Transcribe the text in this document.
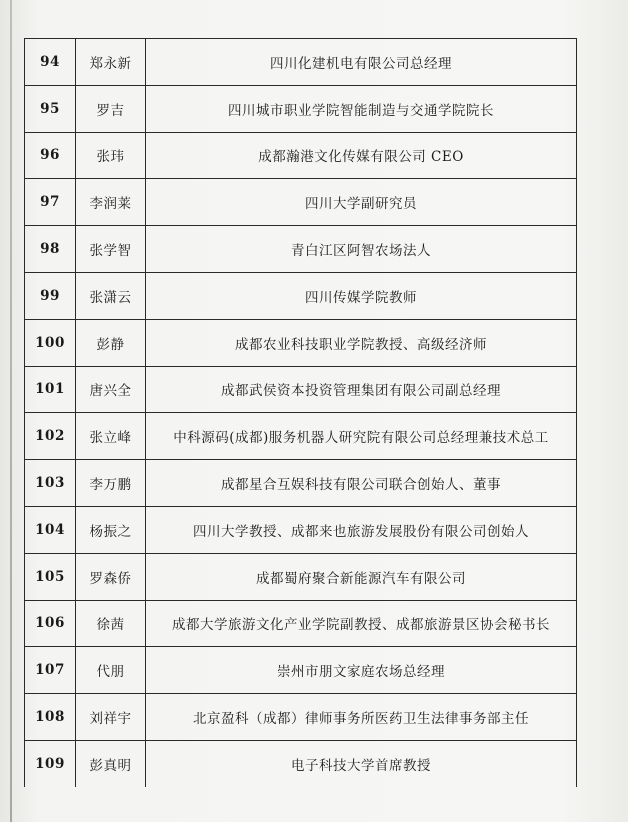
94	郑永新	四川化建机电有限公司总经理
95	罗吉	四川城市职业学院智能制造与交通学院院长
96	张玮	成都瀚港文化传媒有限公司 CEO
97	李润莱	四川大学副研究员
98	张学智	青白江区阿智农场法人
99	张潇云	四川传媒学院教师
100	彭静	成都农业科技职业学院教授、高级经济师
101	唐兴全	成都武侯资本投资管理集团有限公司副总经理
102	张立峰	中科源码(成都)服务机器人研究院有限公司总经理兼技术总工
103	李万鹏	成都星合互娱科技有限公司联合创始人、董事
104	杨振之	四川大学教授、成都来也旅游发展股份有限公司创始人
105	罗森侨	成都蜀府聚合新能源汽车有限公司
106	徐茜	成都大学旅游文化产业学院副教授、成都旅游景区协会秘书长
107	代朋	崇州市朋文家庭农场总经理
108	刘祥宇	北京盈科（成都）律师事务所医药卫生法律事务部主任
109	彭真明	电子科技大学首席教授
